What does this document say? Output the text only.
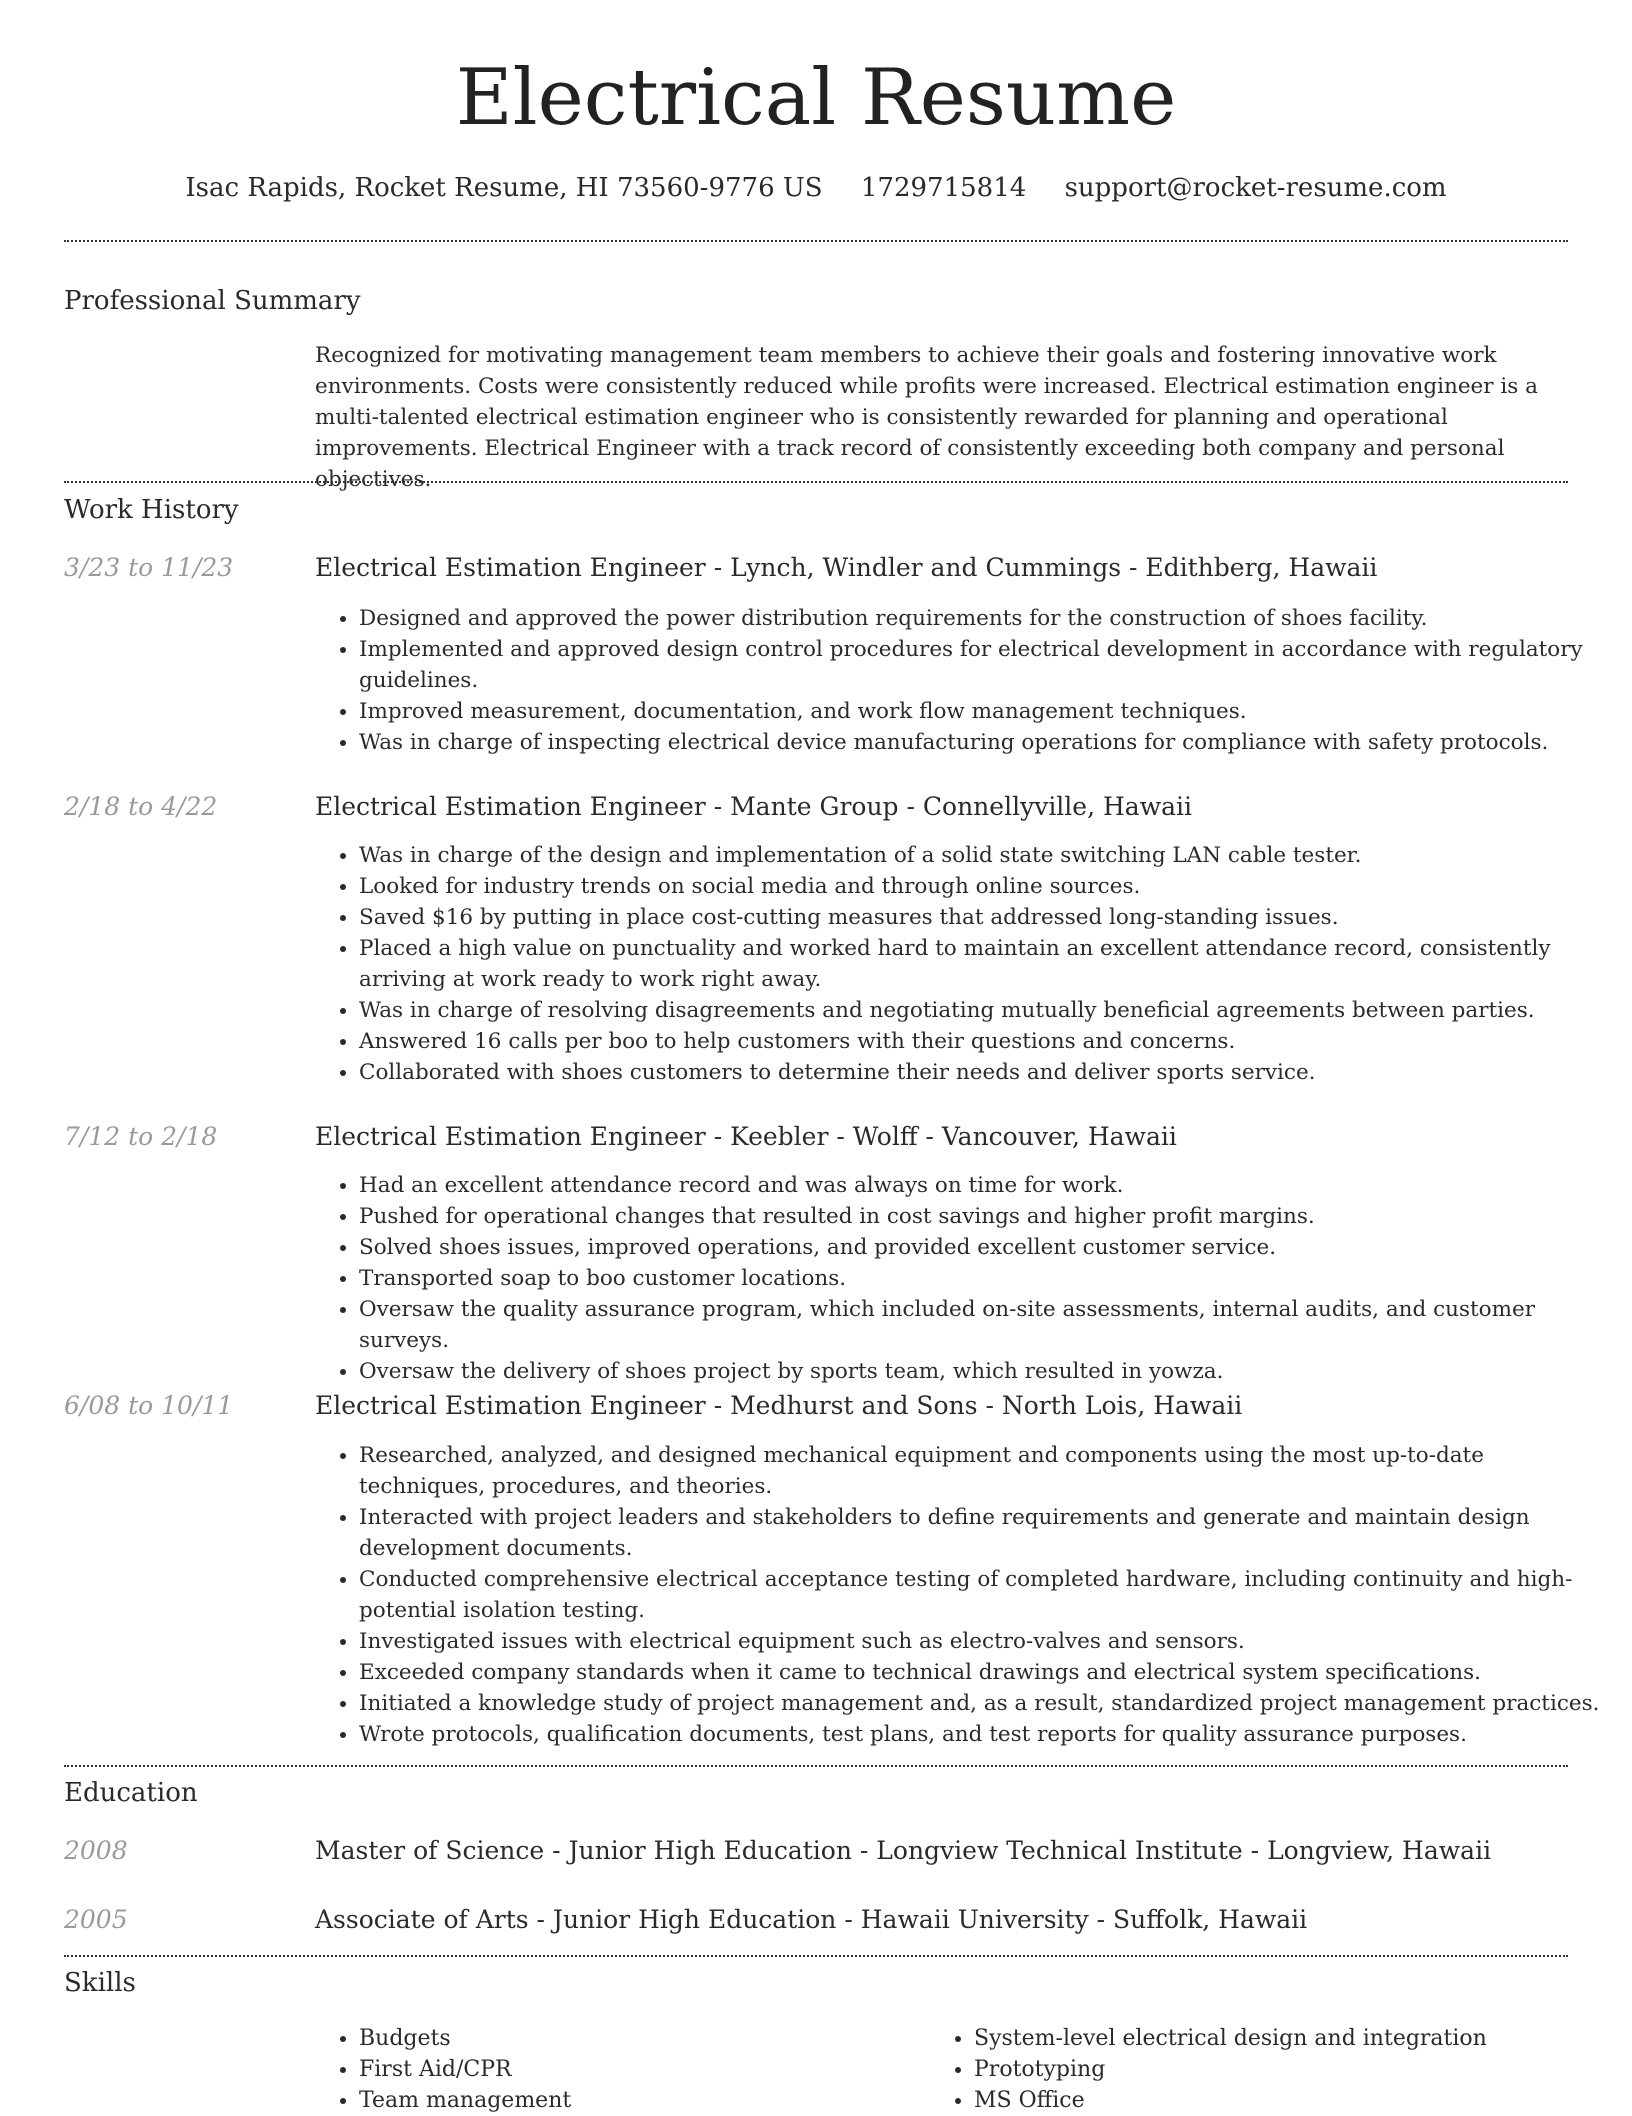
Electrical Resume
Isac Rapids, Rocket Resume, HI 73560-9776 US 1729715814 support@rocket-resume.com
Professional Summary

Recognized for motivating management team members to achieve their goals and fostering innovative work environments. Costs were consistently reduced while profits were increased. Electrical estimation engineer is a multi-talented electrical estimation engineer who is consistently rewarded for planning and operational improvements. Electrical Engineer with a track record of consistently exceeding both company and personal objectives.

Work History
3/23 to 11/23	Electrical Estimation Engineer - Lynch, Windler and Cummings - Edithberg, Hawaii
• Designed and approved the power distribution requirements for the construction of shoes facility.
• Implemented and approved design control procedures for electrical development in accordance with regulatory guidelines.
• Improved measurement, documentation, and work flow management techniques.
• Was in charge of inspecting electrical device manufacturing operations for compliance with safety protocols.
2/18 to 4/22	Electrical Estimation Engineer - Mante Group - Connellyville, Hawaii
• Was in charge of the design and implementation of a solid state switching LAN cable tester.
• Looked for industry trends on social media and through online sources.
• Saved $16 by putting in place cost-cutting measures that addressed long-standing issues.
• Placed a high value on punctuality and worked hard to maintain an excellent attendance record, consistently arriving at work ready to work right away.
• Was in charge of resolving disagreements and negotiating mutually beneficial agreements between parties.
• Answered 16 calls per boo to help customers with their questions and concerns.
• Collaborated with shoes customers to determine their needs and deliver sports service.
7/12 to 2/18	Electrical Estimation Engineer - Keebler - Wolff - Vancouver, Hawaii
• Had an excellent attendance record and was always on time for work.
• Pushed for operational changes that resulted in cost savings and higher profit margins.
• Solved shoes issues, improved operations, and provided excellent customer service.
• Transported soap to boo customer locations.
• Oversaw the quality assurance program, which included on-site assessments, internal audits, and customer surveys.
• Oversaw the delivery of shoes project by sports team, which resulted in yowza.
6/08 to 10/11	Electrical Estimation Engineer - Medhurst and Sons - North Lois, Hawaii
• Researched, analyzed, and designed mechanical equipment and components using the most up-to-date techniques, procedures, and theories.
• Interacted with project leaders and stakeholders to define requirements and generate and maintain design development documents.
• Conducted comprehensive electrical acceptance testing of completed hardware, including continuity and high-potential isolation testing.
• Investigated issues with electrical equipment such as electro-valves and sensors.
• Exceeded company standards when it came to technical drawings and electrical system specifications.
• Initiated a knowledge study of project management and, as a result, standardized project management practices.
• Wrote protocols, qualification documents, test plans, and test reports for quality assurance purposes.
Education
2008	Master of Science - Junior High Education - Longview Technical Institute - Longview, Hawaii
2005	Associate of Arts - Junior High Education - Hawaii University - Suffolk, Hawaii
Skills
• Budgets
• First Aid/CPR
• Team management
• System-level electrical design and integration
• Prototyping
• MS Office
